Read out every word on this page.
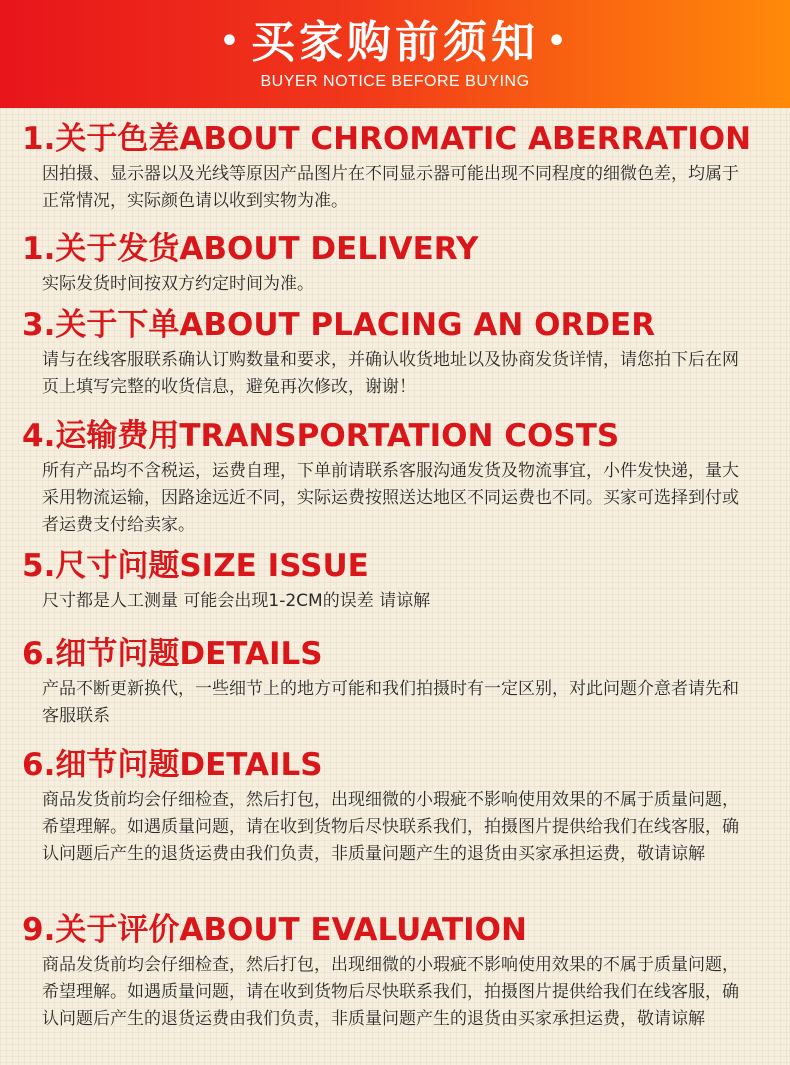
• 买家购前须知 •
BUYER NOTICE BEFORE BUYING
1.关于色差ABOUT CHROMATIC ABERRATION

因拍摄、显示器以及光线等原因产品图片在不同显示器可能出现不同程度的细微色差，均属于正常情况，实际颜色请以收到实物为准。

1.关于发货ABOUT DELIVERY

实际发货时间按双方约定时间为准。

3.关于下单ABOUT PLACING AN ORDER

请与在线客服联系确认订购数量和要求，并确认收货地址以及协商发货详情，请您拍下后在网页上填写完整的收货信息，避免再次修改，谢谢！

4.运输费用TRANSPORTATION COSTS

所有产品均不含税运，运费自理，下单前请联系客服沟通发货及物流事宜，小件发快递，量大采用物流运输，因路途远近不同，实际运费按照送达地区不同运费也不同。买家可选择到付或者运费支付给卖家。

5.尺寸问题SIZE ISSUE

尺寸都是人工测量 可能会出现1-2CM的误差 请谅解

6.细节问题DETAILS

产品不断更新换代，一些细节上的地方可能和我们拍摄时有一定区别，对此问题介意者请先和客服联系

6.细节问题DETAILS

商品发货前均会仔细检查，然后打包，出现细微的小瑕疵不影响使用效果的不属于质量问题，希望理解。如遇质量问题，请在收到货物后尽快联系我们，拍摄图片提供给我们在线客服，确认问题后产生的退货运费由我们负责，非质量问题产生的退货由买家承担运费，敬请谅解

9.关于评价ABOUT EVALUATION

商品发货前均会仔细检查，然后打包，出现细微的小瑕疵不影响使用效果的不属于质量问题，希望理解。如遇质量问题，请在收到货物后尽快联系我们，拍摄图片提供给我们在线客服，确认问题后产生的退货运费由我们负责，非质量问题产生的退货由买家承担运费，敬请谅解
